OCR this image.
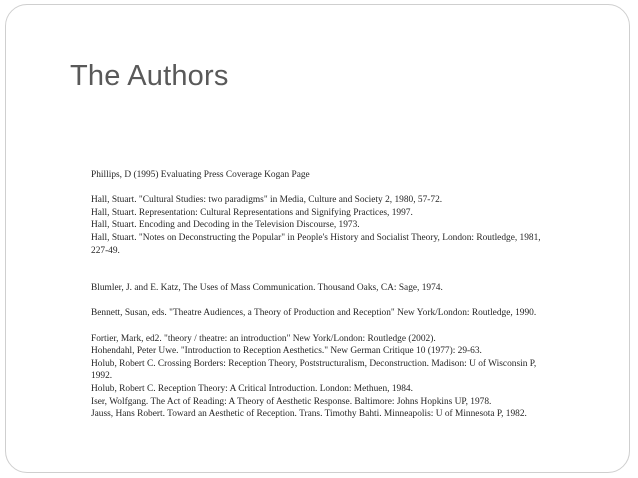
The Authors
Phillips, D (1995) Evaluating Press Coverage Kogan Page
Hall, Stuart. "Cultural Studies: two paradigms" in Media, Culture and Society 2, 1980, 57-72.
Hall, Stuart. Representation: Cultural Representations and Signifying Practices, 1997.
Hall, Stuart. Encoding and Decoding in the Television Discourse, 1973.
Hall, Stuart. "Notes on Deconstructing the Popular" in People's History and Socialist Theory, London: Routledge, 1981, 227-49.
Blumler, J. and E. Katz, The Uses of Mass Communication. Thousand Oaks, CA: Sage, 1974.
Bennett, Susan, eds. "Theatre Audiences, a Theory of Production and Reception" New York/London: Routledge, 1990.
Fortier, Mark, ed2. "theory / theatre: an introduction" New York/London: Routledge (2002).
Hohendahl, Peter Uwe. "Introduction to Reception Aesthetics." New German Critique 10 (1977): 29-63.
Holub, Robert C. Crossing Borders: Reception Theory, Poststructuralism, Deconstruction. Madison: U of Wisconsin P, 1992.
Holub, Robert C. Reception Theory: A Critical Introduction. London: Methuen, 1984.
Iser, Wolfgang. The Act of Reading: A Theory of Aesthetic Response. Baltimore: Johns Hopkins UP, 1978.
Jauss, Hans Robert. Toward an Aesthetic of Reception. Trans. Timothy Bahti. Minneapolis: U of Minnesota P, 1982.
